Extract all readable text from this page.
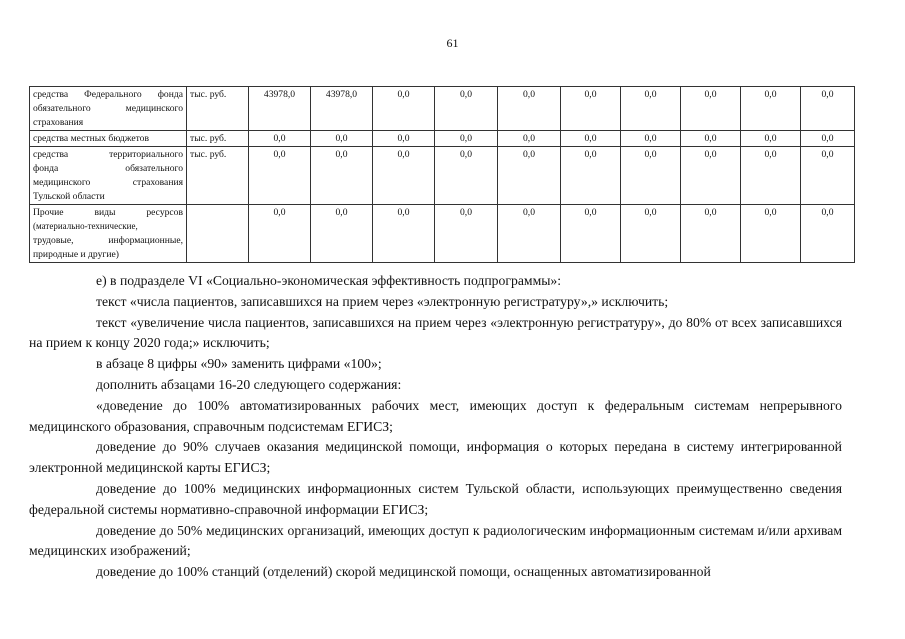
61
средства Федерального фонда
обязательного медицинского

страхования	тыс. руб.	43978,0	43978,0	0,0	0,0	0,0	0,0	0,0	0,0	0,0	0,0
средства местных бюджетов	тыс. руб.	0,0	0,0	0,0	0,0	0,0	0,0	0,0	0,0	0,0	0,0
средства территориального
фонда обязательного
медицинского страхования

Тульской области	тыс. руб.	0,0	0,0	0,0	0,0	0,0	0,0	0,0	0,0	0,0	0,0
Прочие виды ресурсов
(материально-технические,
трудовые, информационные,

природные и другие)		0,0	0,0	0,0	0,0	0,0	0,0	0,0	0,0	0,0	0,0

е) в подразделе VI «Социально-экономическая эффективность подпрограммы»:

текст «числа пациентов, записавшихся на прием через «электронную регистратуру»,» исключить;

текст «увеличение числа пациентов, записавшихся на прием через «электронную регистратуру», до 80% от всех записавшихся на прием к концу 2020 года;» исключить;

в абзаце 8 цифры «90» заменить цифрами «100»;

дополнить абзацами 16-20 следующего содержания:

«доведение до 100% автоматизированных рабочих мест, имеющих доступ к федеральным системам непрерывного медицинского образования, справочным подсистемам ЕГИСЗ;

доведение до 90% случаев оказания медицинской помощи, информация о которых передана в систему интегрированной электронной медицинской карты ЕГИСЗ;

доведение до 100% медицинских информационных систем Тульской области, использующих преимущественно сведения федеральной системы нормативно-справочной информации ЕГИСЗ;

доведение до 50% медицинских организаций, имеющих доступ к радиологическим информационным системам и/или архивам медицинских изображений;

доведение до 100% станций (отделений) скорой медицинской помощи, оснащенных автоматизированной
